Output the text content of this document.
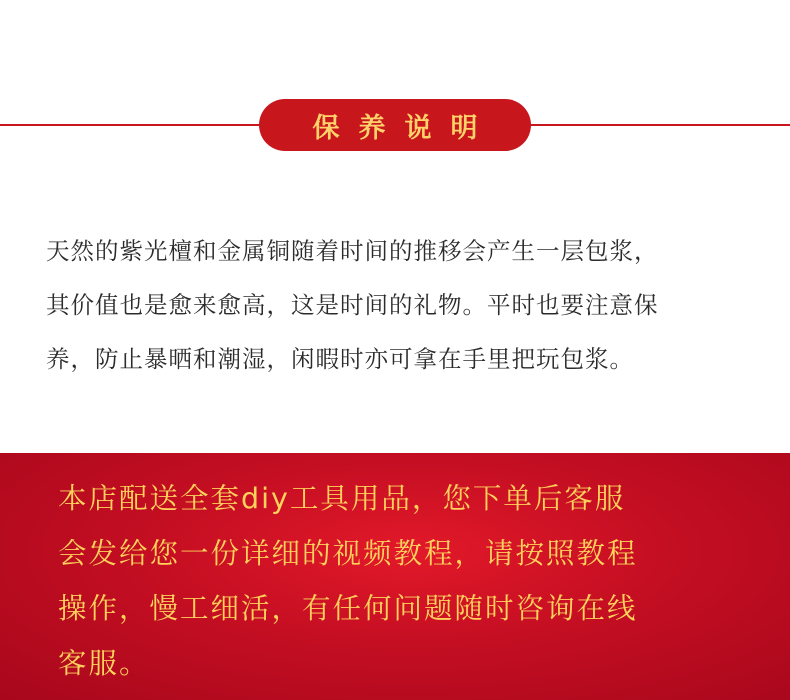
保养说明
天然的紫光檀和金属铜随着时间的推移会产生一层包浆，
其价值也是愈来愈高，这是时间的礼物。平时也要注意保
养，防止暴晒和潮湿，闲暇时亦可拿在手里把玩包浆。
本店配送全套diy工具用品，您下单后客服
会发给您一份详细的视频教程，请按照教程
操作，慢工细活，有任何问题随时咨询在线
客服。
